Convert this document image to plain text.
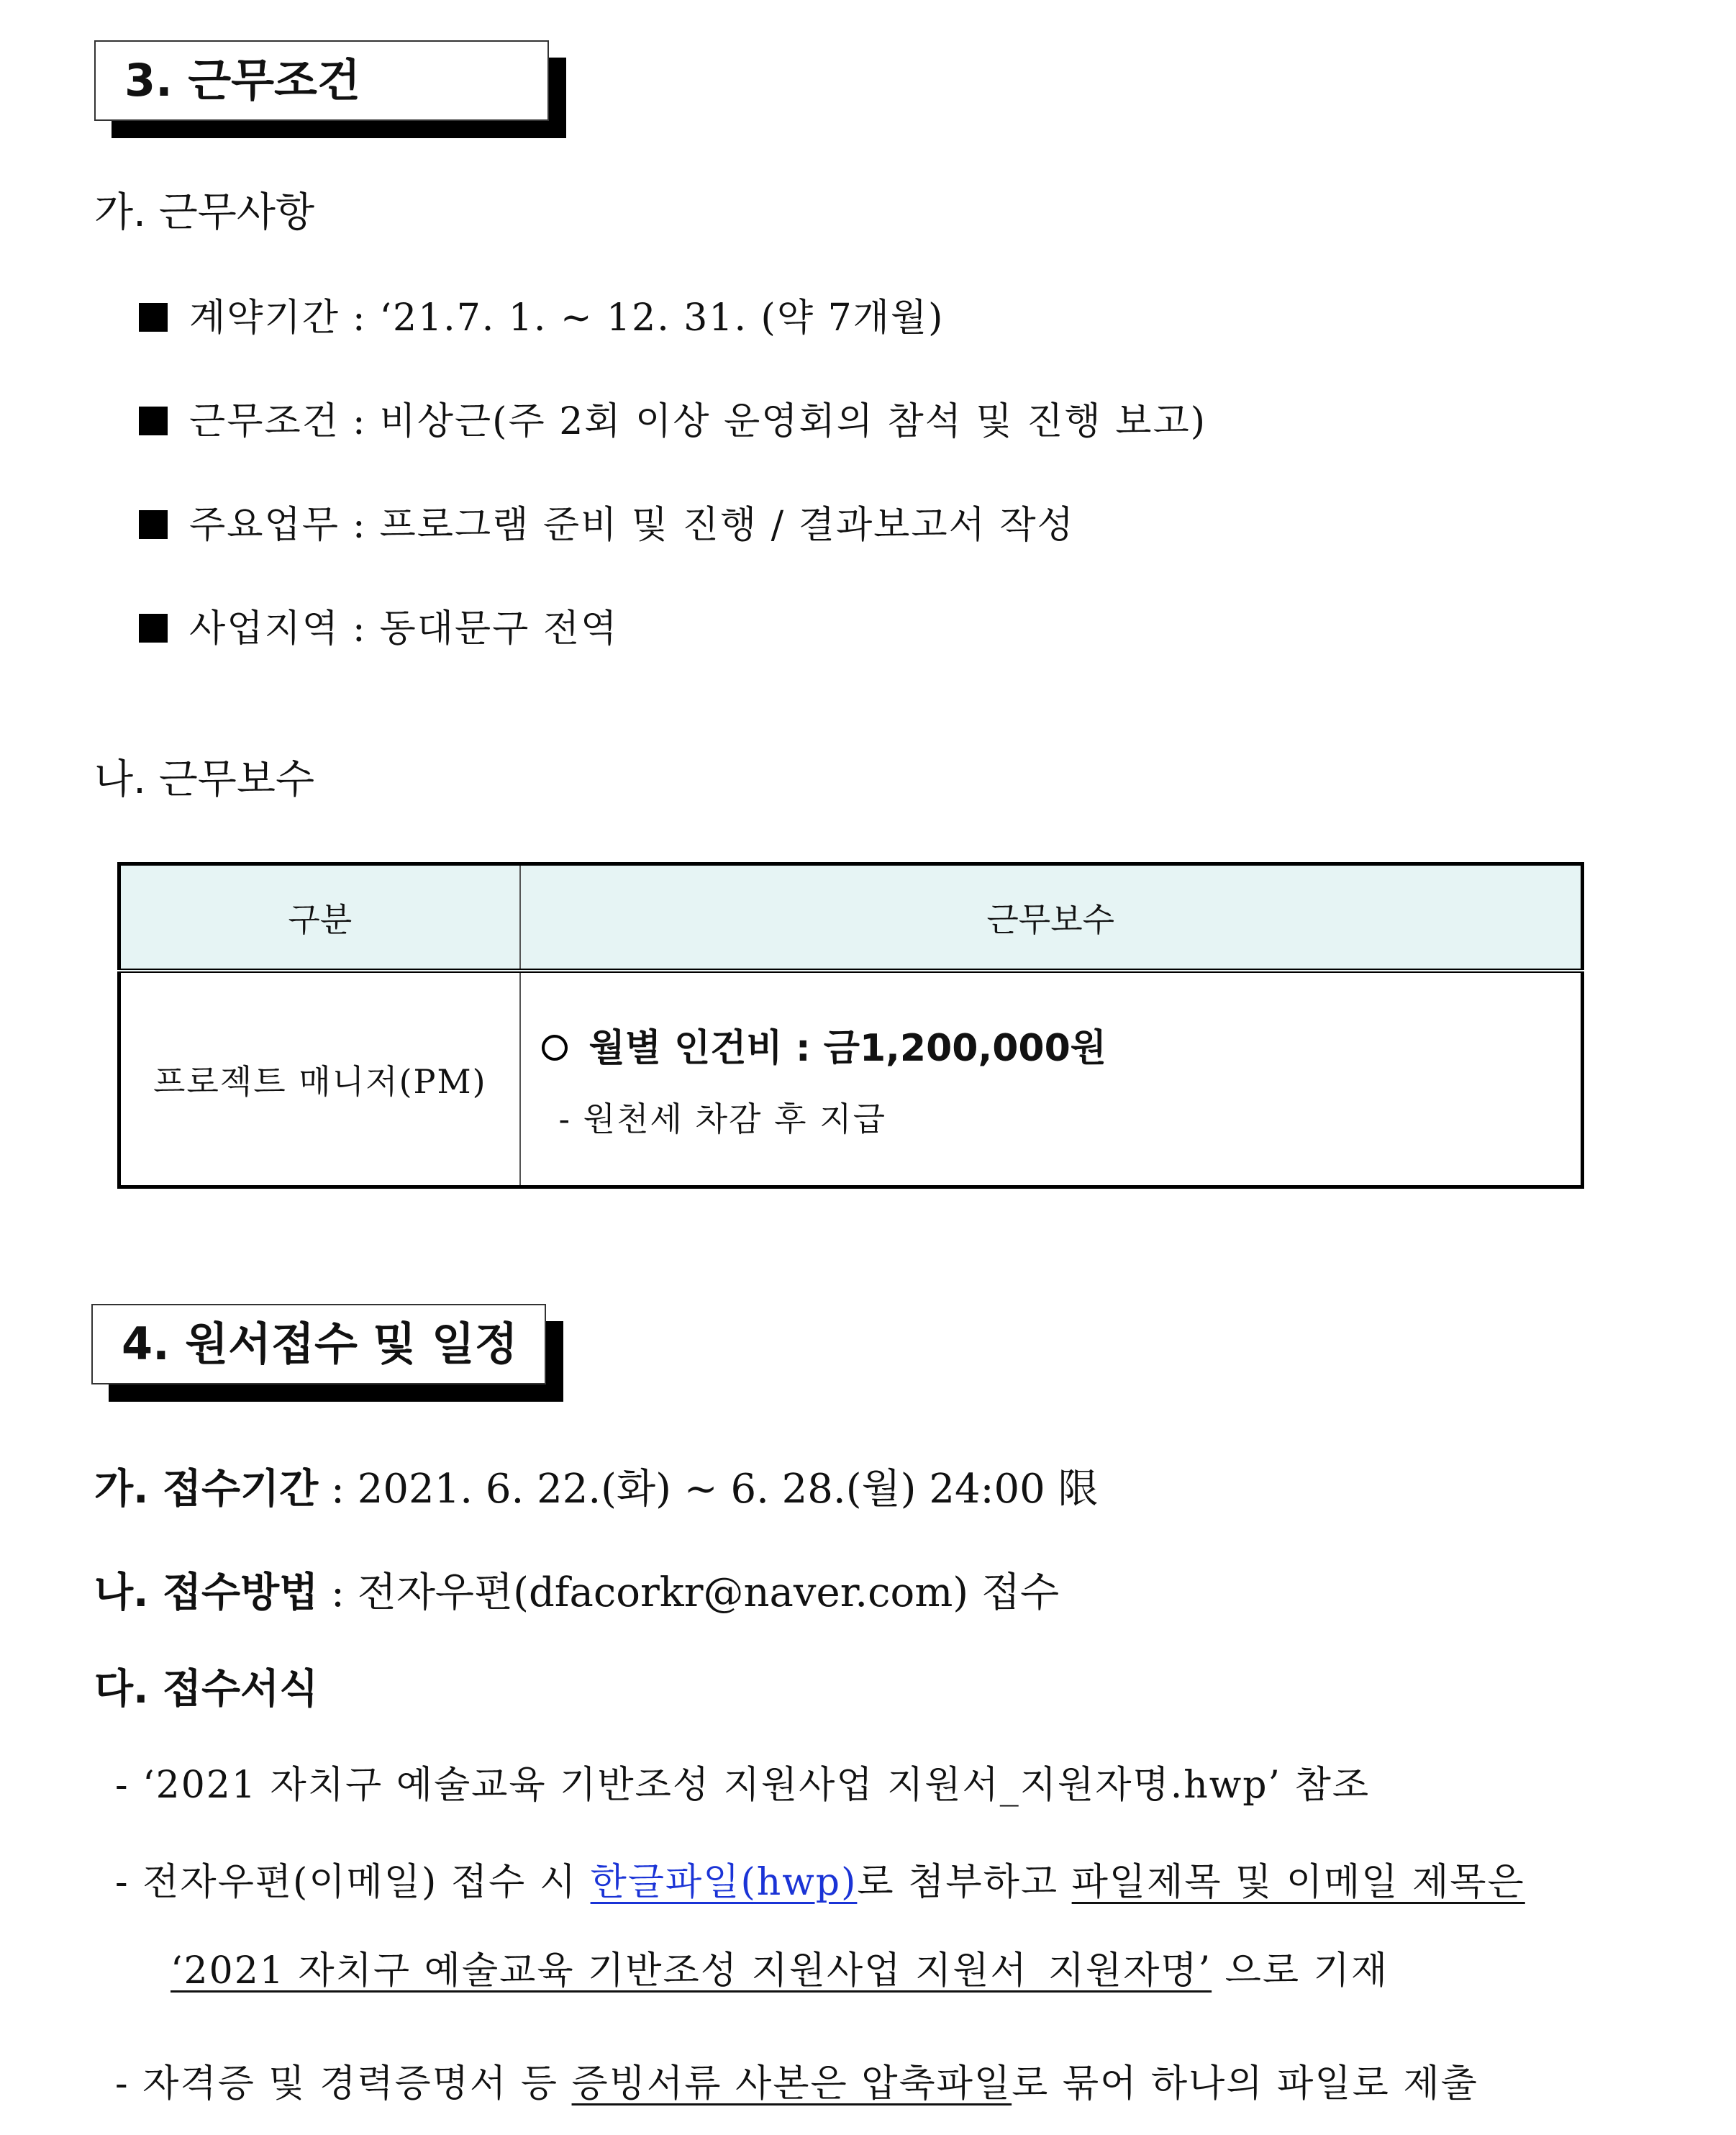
3. 근무조건
가. 근무사항
계약기간 : ‘21.7. 1. ~ 12. 31. (약 7개월)
근무조건 : 비상근(주 2회 이상 운영회의 참석 및 진행 보고)
주요업무 : 프로그램 준비 및 진행 / 결과보고서 작성
사업지역 : 동대문구 전역
나. 근무보수
구분	근무보수
프로젝트 매니저(PM)	월별 인건비 : 금1,200,000원
- 원천세 차감 후 지급
4. 원서접수 및 일정
가. 접수기간 : 2021. 6. 22.(화) ~ 6. 28.(월) 24:00 限
나. 접수방법 : 전자우편(dfacorkr@naver.com) 접수
다. 접수서식
- ‘2021 자치구 예술교육 기반조성 지원사업 지원서_지원자명.hwp’ 참조
- 전자우편(이메일) 접수 시 한글파일(hwp)로 첨부하고 파일제목 및 이메일 제목은
‘2021 자치구 예술교육 기반조성 지원사업 지원서_지원자명’ 으로 기재
- 자격증 및 경력증명서 등 증빙서류 사본은 압축파일로 묶어 하나의 파일로 제출
